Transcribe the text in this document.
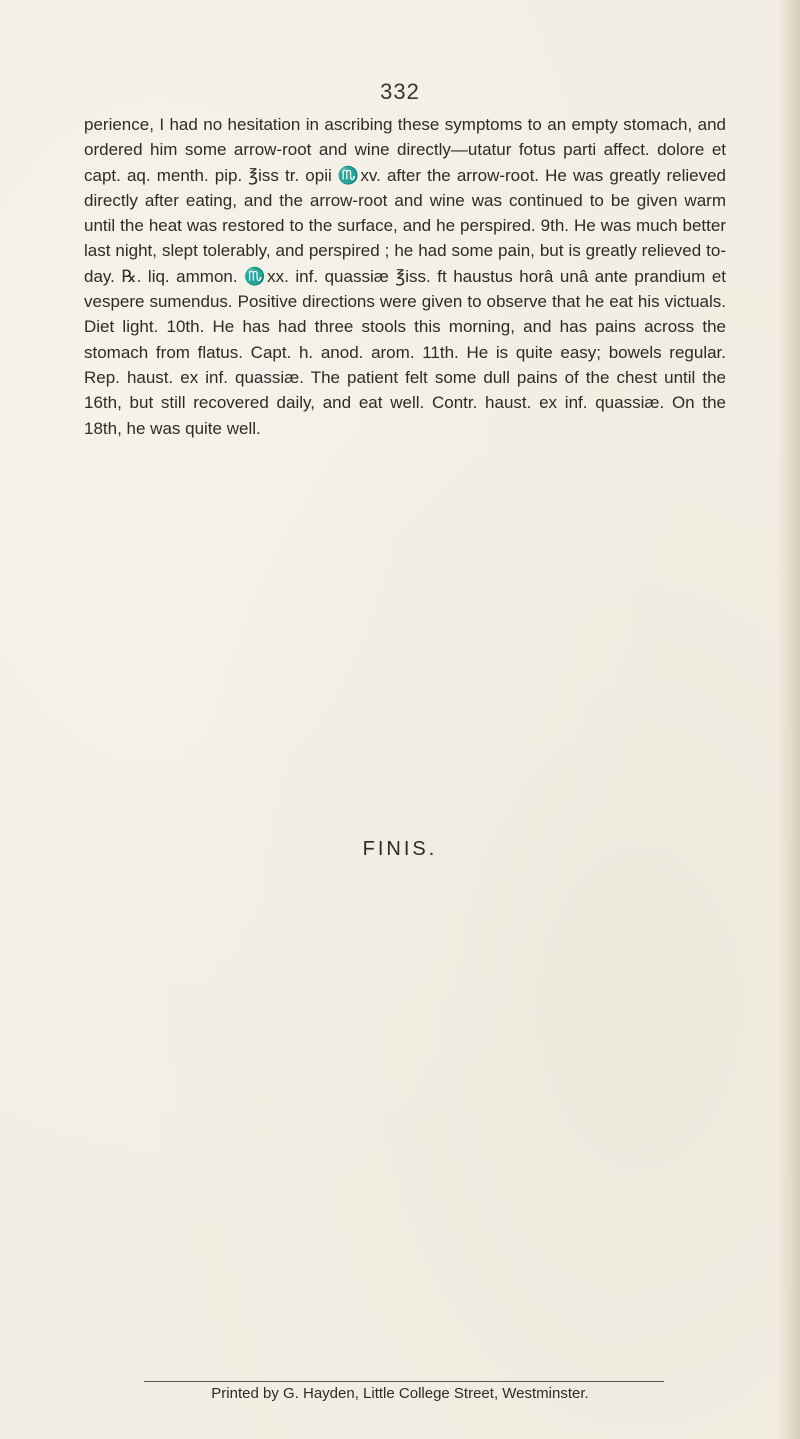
332

perience, I had no hesitation in ascribing these symptoms to an empty stomach, and ordered him some arrow-root and wine directly—utatur fotus parti affect. dolore et capt. aq. menth. pip. ℥iss tr. opii ♏xv. after the arrow-root. He was greatly relieved directly after eating, and the arrow-root and wine was continued to be given warm until the heat was restored to the surface, and he perspired. 9th. He was much better last night, slept tolerably, and perspired ; he had some pain, but is greatly relieved to-day. ℞. liq. ammon. ♏xx. inf. quassiæ ℥iss. ft haustus horâ unâ ante prandium et vespere sumendus. Positive directions were given to observe that he eat his victuals. Diet light. 10th. He has had three stools this morning, and has pains across the stomach from flatus. Capt. h. anod. arom. 11th. He is quite easy; bowels regular. Rep. haust. ex inf. quassiæ. The patient felt some dull pains of the chest until the 16th, but still recovered daily, and eat well. Contr. haust. ex inf. quassiæ. On the 18th, he was quite well.

FINIS.
Printed by G. Hayden, Little College Street, Westminster.
